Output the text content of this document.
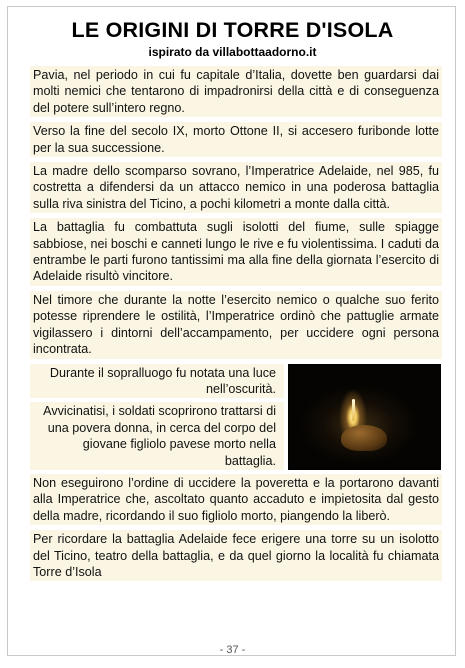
LE ORIGINI DI TORRE D'ISOLA
ispirato da villabottaadorno.it
Pavia, nel periodo in cui fu capitale d’Italia, dovette ben guardarsi dai molti nemici che tentarono di impadronirsi della città e di conseguenza del potere sull’intero regno.
Verso la fine del secolo IX, morto Ottone II, si accesero furibonde lotte per la sua successione.
La madre dello scomparso sovrano, l’Imperatrice Adelaide, nel 985, fu costretta a difendersi da un attacco nemico in una poderosa battaglia sulla riva sinistra del Ticino, a pochi kilometri a monte dalla città.
La battaglia fu combattuta sugli isolotti del fiume, sulle spiagge sabbiose, nei boschi e canneti lungo le rive e fu violentissima. I caduti da entrambe le parti furono tantissimi ma alla fine della giornata l’esercito di Adelaide risultò vincitore.
Nel timore che durante la notte l’esercito nemico o qualche suo ferito potesse riprendere le ostilità, l’Imperatrice ordinò che pattuglie armate vigilassero i dintorni dell’accampamento, per uccidere ogni persona incontrata.
Durante il sopralluogo fu notata una luce nell’oscurità.
Avvicinatisi, i soldati scoprirono trattarsi di una povera donna, in cerca del corpo del giovane figliolo pavese morto nella battaglia.
Non eseguirono l’ordine di uccidere la poveretta e la portarono davanti alla Imperatrice che, ascoltato quanto accaduto e impietosita dal gesto della madre, ricordando il suo figliolo morto, piangendo la liberò.
Per ricordare la battaglia Adelaide fece erigere una torre su un isolotto del Ticino, teatro della battaglia, e da quel giorno la località fu chiamata Torre d’Isola
- 37 -
